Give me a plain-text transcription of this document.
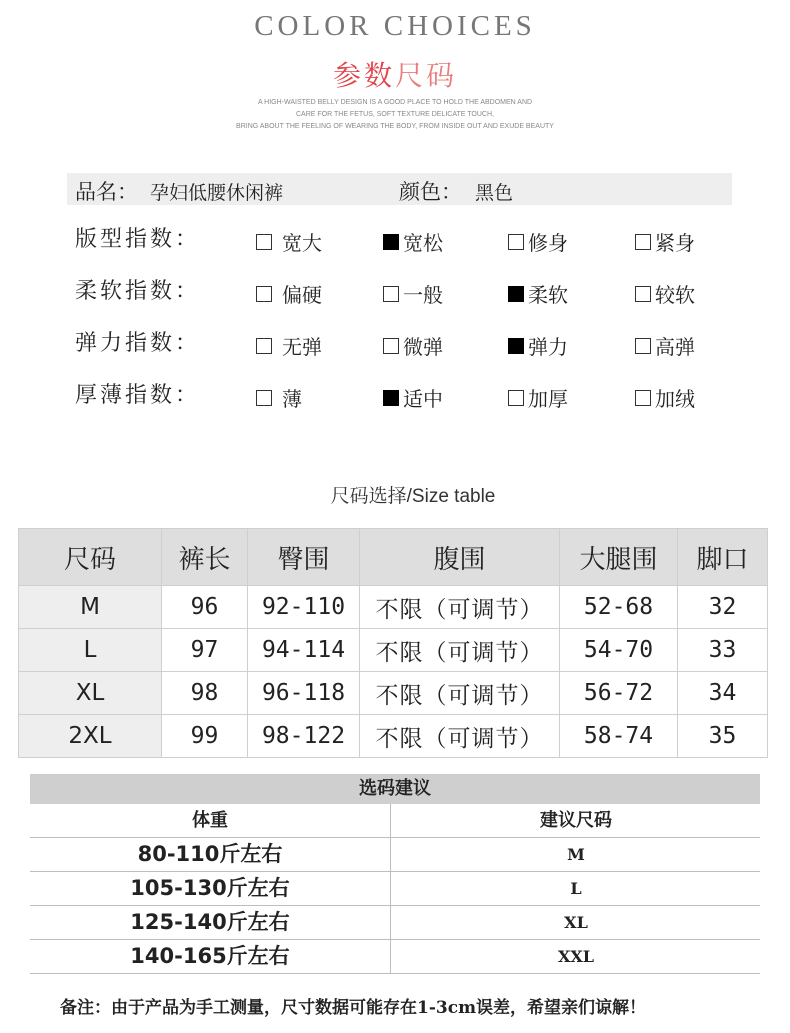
COLOR CHOICES
参数尺码
A HIGH-WAISTED BELLY DESIGN IS A GOOD PLACE TO HOLD THE ABDOMEN AND
CARE FOR THE FETUS, SOFT TEXTURE DELICATE TOUCH,
BRING ABOUT THE FEELING OF WEARING THE BODY, FROM INSIDE OUT AND EXUDE BEAUTY
品名： 孕妇低腰休闲裤	颜色： 黑色
版型指数：	宽大	宽松	修身	紧身
柔软指数：	偏硬	一般	柔软	较软
弹力指数：	无弹	微弹	弹力	高弹
厚薄指数：	薄	适中	加厚	加绒
尺码选择/Size table
尺码	裤长	臀围	腹围	大腿围	脚口
M	96	92-110	不限（可调节）	52-68	32
L	97	94-114	不限（可调节）	54-70	33
XL	98	96-118	不限（可调节）	56-72	34
2XL	99	98-122	不限（可调节）	58-74	35
选码建议
体重	建议尺码
80-110斤左右	M
105-130斤左右	L
125-140斤左右	XL
140-165斤左右	XXL
备注：由于产品为手工测量，尺寸数据可能存在1-3cm误差，希望亲们谅解！
